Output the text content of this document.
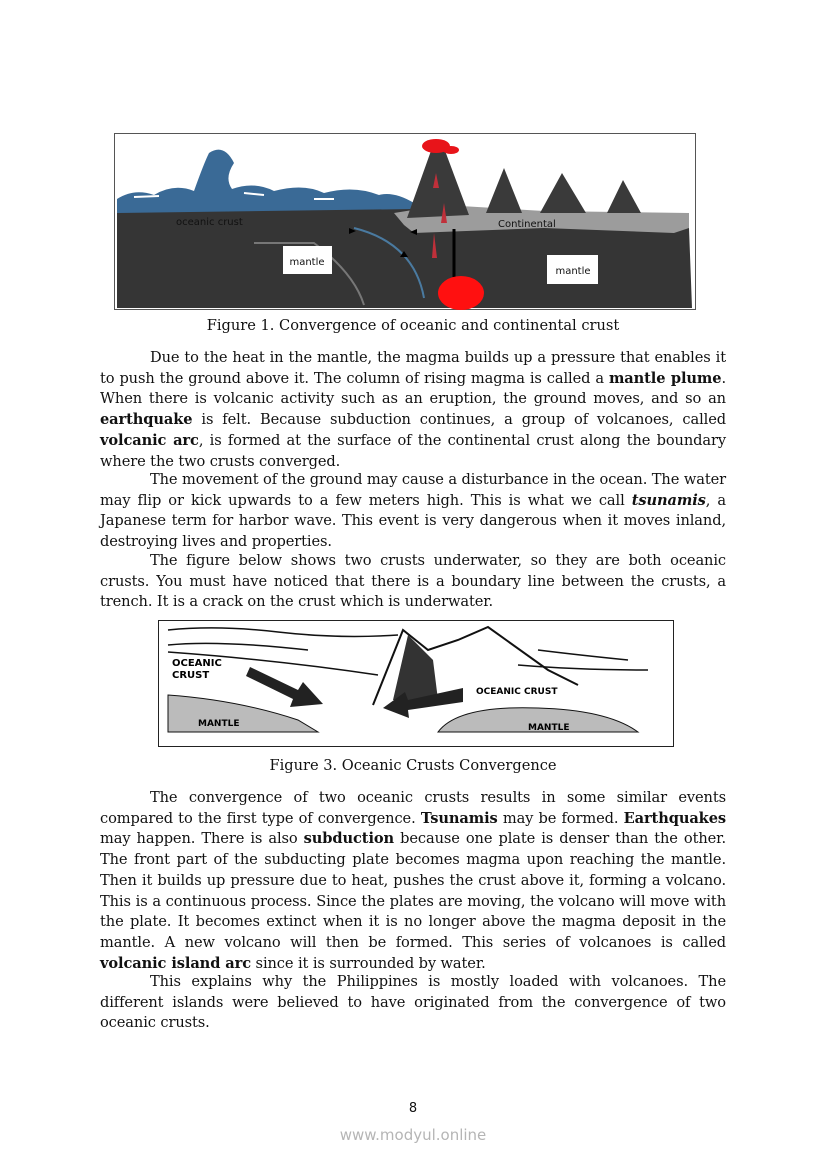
oceanic crust	Continental
mantle
mantle
Figure 1. Convergence of oceanic and continental crust

Due to the heat in the mantle, the magma builds up a pressure that enables it to push the ground above it. The column of rising magma is called a mantle plume. When there is volcanic activity such as an eruption, the ground moves, and so an earthquake is felt. Because subduction continues, a group of volcanoes, called volcanic arc, is formed at the surface of the continental crust along the boundary where the two crusts converged.

The movement of the ground may cause a disturbance in the ocean. The water may flip or kick upwards to a few meters high. This is what we call tsunamis, a Japanese term for harbor wave. This event is very dangerous when it moves inland, destroying lives and properties.

The figure below shows two crusts underwater, so they are both oceanic crusts. You must have noticed that there is a boundary line between the crusts, a trench. It is a crack on the crust which is underwater.

OCEANIC
CRUST
OCEANIC CRUST
MANTLE	MANTLE
Figure 3. Oceanic Crusts Convergence

The convergence of two oceanic crusts results in some similar events compared to the first type of convergence. Tsunamis may be formed. Earthquakes may happen. There is also subduction because one plate is denser than the other. The front part of the subducting plate becomes magma upon reaching the mantle. Then it builds up pressure due to heat, pushes the crust above it, forming a volcano. This is a continuous process. Since the plates are moving, the volcano will move with the plate. It becomes extinct when it is no longer above the magma deposit in the mantle. A new volcano will then be formed. This series of volcanoes is called volcanic island arc since it is surrounded by water.

This explains why the Philippines is mostly loaded with volcanoes. The different islands were believed to have originated from the convergence of two oceanic crusts.

8
www.modyul.online
